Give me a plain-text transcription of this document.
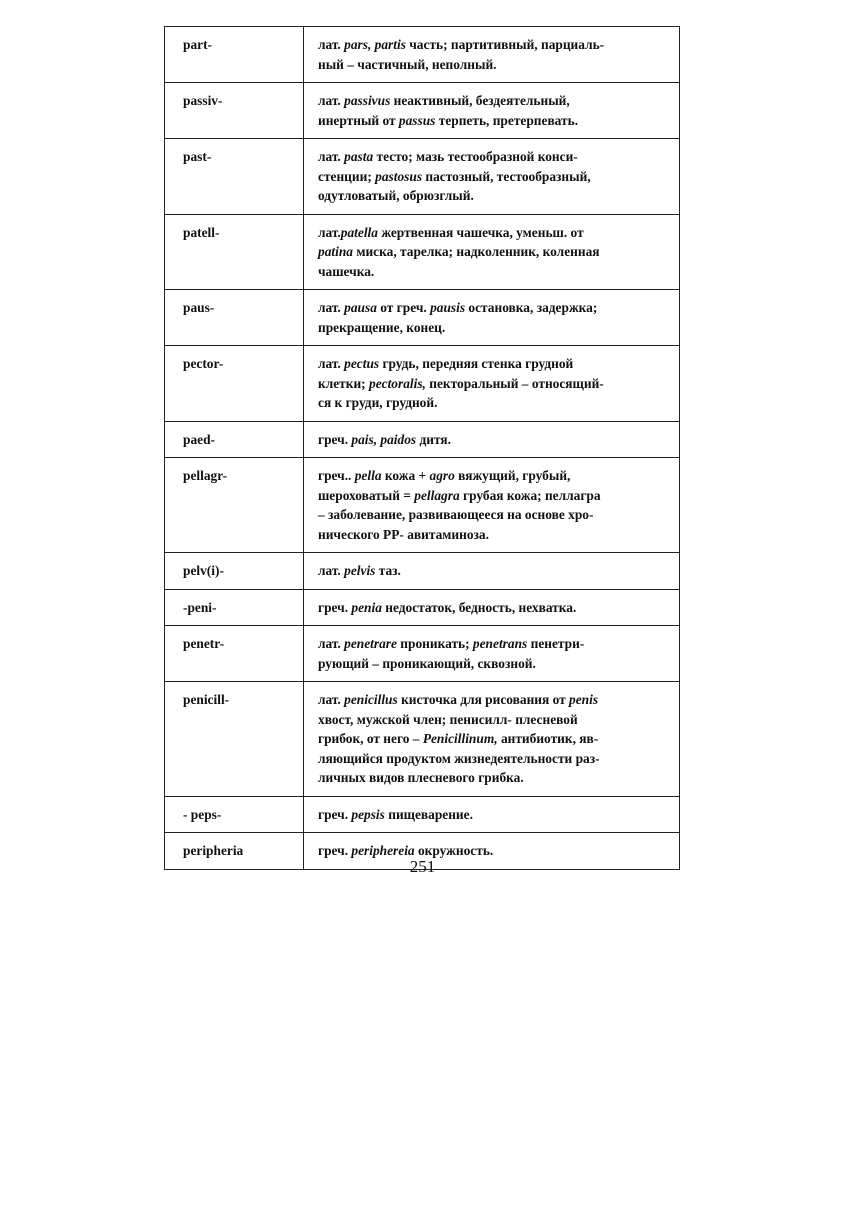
part-	лат. pars, partis часть; партитивный, парциаль-
ный – частичный, неполный.
passiv-	лат. passivus неактивный, бездеятельный,
инертный от passus терпеть, претерпевать.
past-	лат. pasta тесто; мазь тестообразной конси-
стенции; pastosus пастозный, тестообразный,
одутловатый, обрюзглый.
patell-	лат.patella жертвенная чашечка, уменьш. от
patina миска, тарелка; надколенник, коленная
чашечка.
paus-	лат. pausa от греч. pausis остановка, задержка;
прекращение, конец.
pector-	лат. pectus грудь, передняя стенка грудной
клетки; pectoralis, пекторальный – относящий-
ся к груди, грудной.
paed-	греч. pais, paidos дитя.
pellagr-	греч.. pella кожа + agro вяжущий, грубый,
шероховатый = pellagra грубая кожа; пеллагра
– заболевание, развивающееся на основе хро-
нического РР- авитаминоза.
pelv(i)-	лат. pelvis таз.
-peni-	греч. penia недостаток, бедность, нехватка.
penetr-	лат. penetrare проникать; penetrans пенетри-
рующий – проникающий, сквозной.
penicill-	лат. penicillus кисточка для рисования от penis
хвост, мужской член; пенисилл- плесневой
грибок, от него – Penicillinum, антибиотик, яв-
ляющийся продуктом жизнедеятельности раз-
личных видов плесневого грибка.
- peps-	греч. pepsis пищеварение.
peripheria	греч. periphereia окружность.
251
